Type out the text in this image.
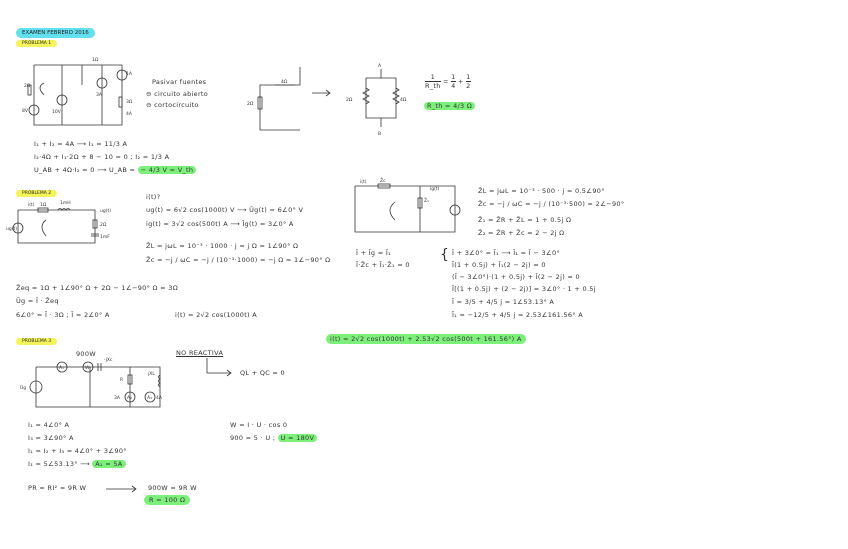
EXAMEN FEBRERO 2016
PROBLEMA 1
8V	10V
1A
3A
4A
1Ω
2Ω
3Ω
Pasivar fuentes
⊖ circuito abierto
⊖ cortocircuito	2Ω
4Ω
A
B
2Ω	4Ω
$\frac{1}{R\_th} = \frac{1}{4} + \frac{1}{2}$
R_th = 4/3 Ω
I₁ + I₂ = 4A ⟶ I₁ = 11/3 A
I₂·4Ω + I₁·2Ω + 8 − 10 = 0 ; I₂ = 1/3 A
U_AB + 4Ω·I₂ = 0 ⟶ U_AB = − 4/3 V = V_th
PROBLEMA 2
ug(t)
i(t) 1Ω	1mH
ug(t)
2Ω
1mF
i(t)?
ug(t) = 6√2 cos(1000t) V ⟶ Ūg(t) = 6∠0° V
ig(t) = 3√2 cos(500t) A ⟶ Īg(t) = 3∠0° A
Z̄L = jωL = 10⁻³ · 1000 · j = j Ω = 1∠90° Ω
Z̄c = −j / ωC = −j / (10⁻³·1000) = −j Ω = 1∠−90° Ω
Z̄eq = 1Ω + 1∠90° Ω + 2Ω − 1∠−90° Ω = 3Ω
Ūg = Ī · Z̄eq
6∠0° = Ī · 3Ω ; Ī = 2∠0° A	i(t) = 2√2 cos(1000t) A
i(t)	Z̄c
Z̄₁
ig(t)	Z̄L = jωL = 10⁻³ · 500 · j = 0.5∠90°
Z̄c = −j / ωC = −j / (10⁻³·500) = 2∠−90°
Z̄₁ = Z̄R + Z̄L = 1 + 0.5j Ω
Z̄₂ = Z̄R + Z̄c = 2 − 2j Ω
Ī + Īg = Ī₁
Ī·Z̄c + Ī₁·Z̄₁ = 0
{ Ī + 3∠0° = Ī₁ ⟶ Ī₁ = Ī − 3∠0°
Ī(1 + 0.5j) + Ī₁(2 − 2j) = 0
(Ī − 3∠0°)·(1 + 0.5j) + Ī(2 − 2j) = 0
Ī[(1 + 0.5j) + (2 − 2j)] = 3∠0° · 1 + 0.5j
Ī = 3/5 + 4/5 j = 1∠53.13° A
Ī₁ = −12/5 + 4/5 j = 2.53∠161.56° A
i(t) = 2√2 cos(1000t) + 2.53√2 cos(500t + 161.56°) A
PROBLEMA 3
A₁	W
A₂	A₃
-jXc
R
jXL
3A	4A
Ūg
900W	NO REACTIVA
QL + QC = 0
I₁ = 4∠0° A
I₃ = 3∠90° A
I₁ = I₂ + I₃ = 4∠0° + 3∠90°
I₁ = 5∠53.13° ⟶ A₁ = 5A
W = I · U · cos 0
900 = 5 · U ; U = 180V
PR = RI² = 9R W	900W = 9R W
R = 100 Ω
